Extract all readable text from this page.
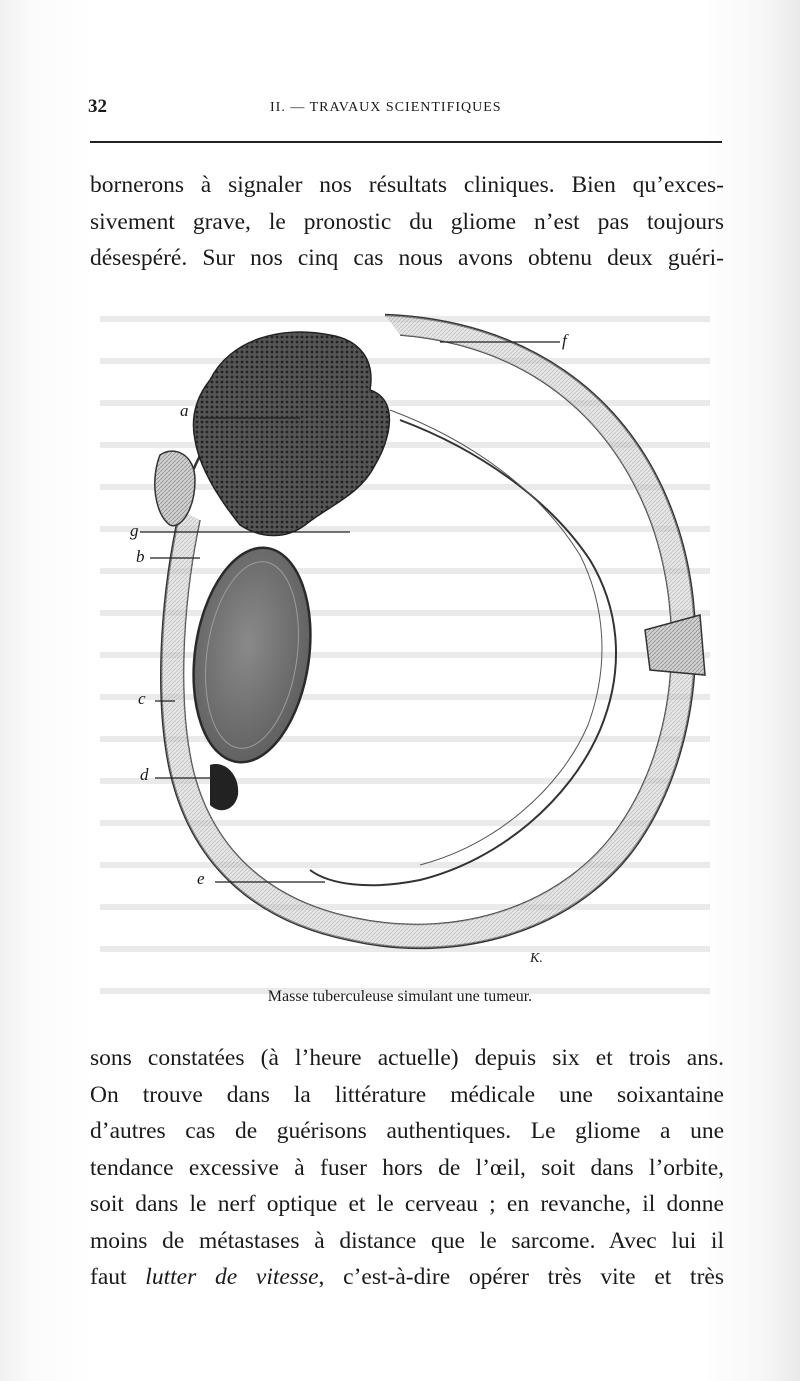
32	II. — TRAVAUX SCIENTIFIQUES
bornerons à signaler nos résultats cliniques. Bien qu’exces-
sivement grave, le pronostic du gliome n’est pas toujours
désespéré. Sur nos cinq cas nous avons obtenu deux guéri-
a
f
g
b
c
d
e
K.
Masse tuberculeuse simulant une tumeur.
sons constatées (à l’heure actuelle) depuis six et trois ans.
On trouve dans la littérature médicale une soixantaine
d’autres cas de guérisons authentiques. Le gliome a une
tendance excessive à fuser hors de l’œil, soit dans l’orbite,
soit dans le nerf optique et le cerveau ; en revanche, il donne
moins de métastases à distance que le sarcome. Avec lui il
faut lutter de vitesse, c’est-à-dire opérer très vite et très
